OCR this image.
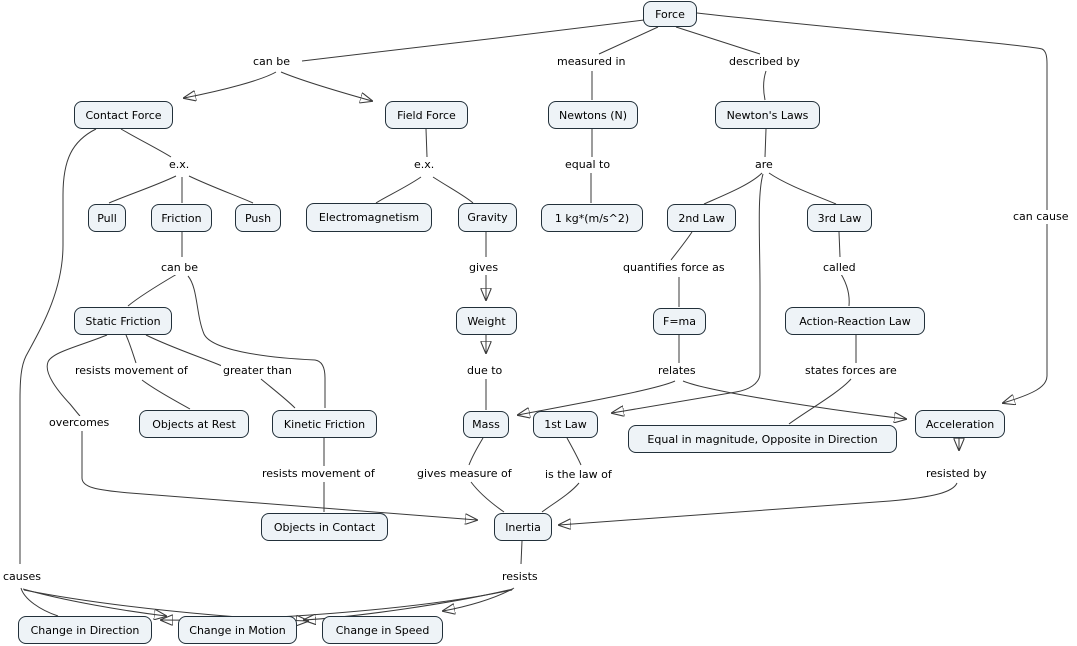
Force
Contact Force	Field Force	Newtons (N)	Newton's Laws
Pull	Friction	Push	Electromagnetism	Gravity	1 kg*(m/s^2)	2nd Law	3rd Law
Static Friction	Weight	F=ma	Action-Reaction Law
Objects at Rest	Kinetic Friction	Mass	1st Law
Equal in magnitude, Opposite in Direction
Acceleration
Objects in Contact	Inertia
Change in Direction	Change in Motion	Change in Speed
can be	measured in	described by
e.x.	e.x.	equal to	are
can cause
can be	gives	quantifies force as	called
resists movement of	greater than	due to	relates	states forces are
overcomes
resists movement of	gives measure of	is the law of	resisted by
causes	resists
